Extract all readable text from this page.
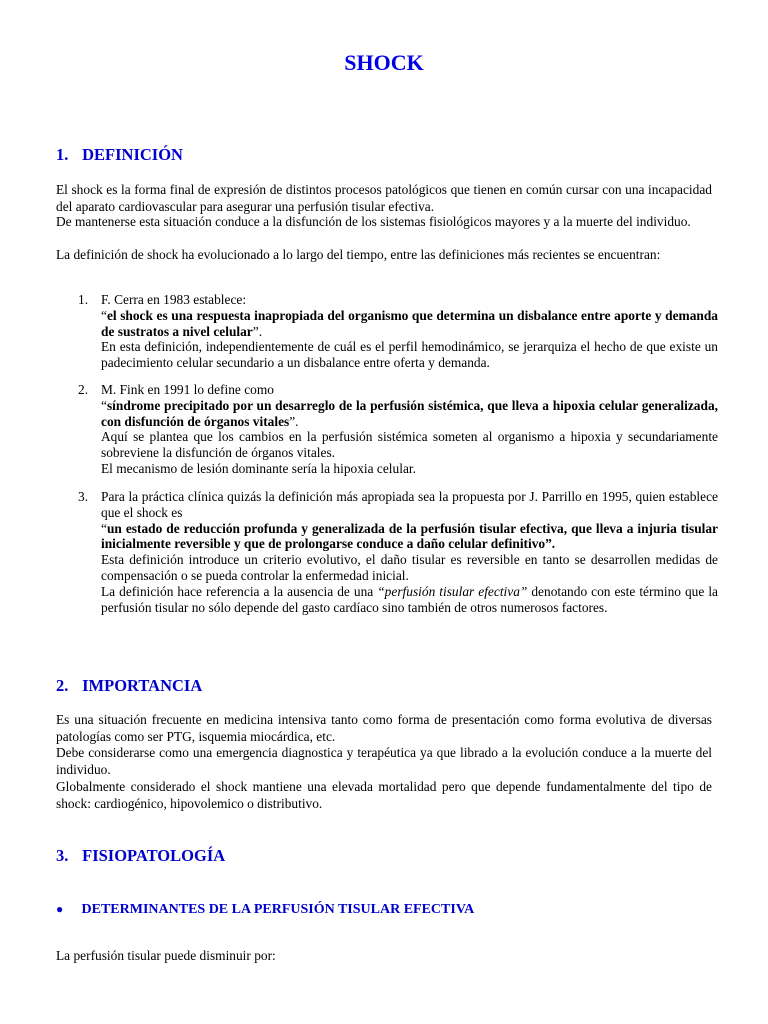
SHOCK
1. DEFINICIÓN

El shock es la forma final de expresión de distintos procesos patológicos que tienen en común cursar con una incapacidad del aparato cardiovascular para asegurar una perfusión tisular efectiva.

De mantenerse esta situación conduce a la disfunción de los sistemas fisiológicos mayores y a la muerte del individuo.

La definición de shock ha evolucionado a lo largo del tiempo, entre las definiciones más recientes se encuentran:

1. F. Cerra en 1983 establece:
“el shock es una respuesta inapropiada del organismo que determina un disbalance entre aporte y demanda de sustratos a nivel celular”.
En esta definición, independientemente de cuál es el perfil hemodinámico, se jerarquiza el hecho de que existe un padecimiento celular secundario a un disbalance entre oferta y demanda.
2. M. Fink en 1991 lo define como
“síndrome precipitado por un desarreglo de la perfusión sistémica, que lleva a hipoxia celular generalizada, con disfunción de órganos vitales”.
Aquí se plantea que los cambios en la perfusión sistémica someten al organismo a hipoxia y secundariamente sobreviene la disfunción de órganos vitales.
El mecanismo de lesión dominante sería la hipoxia celular.
3. Para la práctica clínica quizás la definición más apropiada sea la propuesta por J. Parrillo en 1995, quien establece que el shock es
“un estado de reducción profunda y generalizada de la perfusión tisular efectiva, que lleva a injuria tisular inicialmente reversible y que de prolongarse conduce a daño celular definitivo”.
Esta definición introduce un criterio evolutivo, el daño tisular es reversible en tanto se desarrollen medidas de compensación o se pueda controlar la enfermedad inicial.
La definición hace referencia a la ausencia de una “perfusión tisular efectiva” denotando con este término que la perfusión tisular no sólo depende del gasto cardíaco sino también de otros numerosos factores.
2. IMPORTANCIA

Es una situación frecuente en medicina intensiva tanto como forma de presentación como forma evolutiva de diversas patologías como ser PTG, isquemia miocárdica, etc.

Debe considerarse como una emergencia diagnostica y terapéutica ya que librado a la evolución conduce a la muerte del individuo.

Globalmente considerado el shock mantiene una elevada mortalidad pero que depende fundamentalmente del tipo de shock: cardiogénico, hipovolemico o distributivo.

3. FISIOPATOLOGÍA
● DETERMINANTES DE LA PERFUSIÓN TISULAR EFECTIVA

La perfusión tisular puede disminuir por:
